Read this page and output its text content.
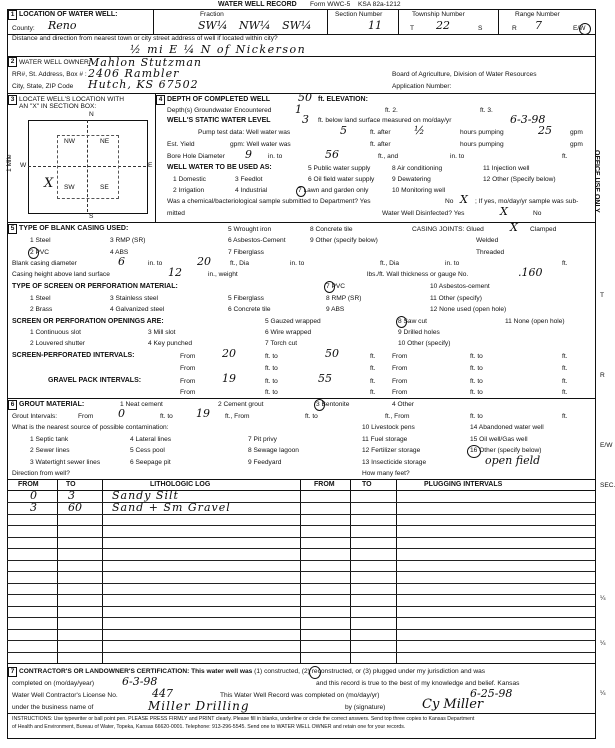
WATER WELL RECORD Form WWC-5 KSA 82a-1212
1 LOCATION OF WATER WELL:	Fraction	Section Number	Township Number	Range Number
County: Reno	SW¼ NW¼ SW¼	11	T 22	S	R 7	E/W
Distance and direction from nearest town or city street address of well if located within city?
½ mi E ¼ N of Nickerson
2 WATER WELL OWNER:
Mahlon Stutzman
RR#, St. Address, Box # : 2406 Rambler
City, State, ZIP Code Hutch, KS 67502
Board of Agriculture, Division of Water Resources
Application Number:
3 LOCATE WELL'S LOCATION WITH
AN "X" IN SECTION BOX:
N
S
W	E
1 Mile
NW	NE
SW	SE
X
4 DEPTH OF COMPLETED WELL	50 ft. ELEVATION:
Depth(s) Groundwater Encountered 1	ft. 2.	ft. 3.
WELL'S STATIC WATER LEVEL	3 ft. below land surface measured on mo/day/yr	6-3-98
Pump test data: Well water was	5	ft. after ½	hours pumping	25	gpm
Est. Yield	gpm: Well water was	ft. after	hours pumping	gpm
Bore Hole Diameter 9 in. to	56	ft., and	in. to	ft.
WELL WATER TO BE USED AS:	5 Public water supply	8 Air conditioning	11 Injection well
1 Domestic	3 Feedlot	6 Oil field water supply	9 Dewatering	12 Other (Specify below)
2 Irrigation	4 Industrial	7 Lawn and garden only	10 Monitoring well
Was a chemical/bacteriological sample submitted to Department? Yes	No X ; If yes, mo/day/yr sample was sub-
mitted	Water Well Disinfected? Yes	X	No
5 TYPE OF BLANK CASING USED:	5 Wrought iron	8 Concrete tile	CASING JOINTS: Glued X Clamped
1 Steel	3 RMP (SR)	6 Asbestos-Cement	9 Other (specify below)	Welded
2 PVC	4 ABS	7 Fiberglass	Threaded
Blank casing diameter	6	in. to	20	ft., Dia	in. to	ft., Dia	in. to	ft.
Casing height above land surface	12	in., weight	lbs./ft. Wall thickness or gauge No.	.160
TYPE OF SCREEN OR PERFORATION MATERIAL:	7 PVC	10 Asbestos-cement
1 Steel	3 Stainless steel	5 Fiberglass	8 RMP (SR)	11 Other (specify)
2 Brass	4 Galvanized steel	6 Concrete tile	9 ABS	12 None used (open hole)
SCREEN OR PERFORATION OPENINGS ARE:	5 Gauzed wrapped	8 Saw cut	11 None (open hole)
1 Continuous slot	3 Mill slot	6 Wire wrapped	9 Drilled holes
2 Louvered shutter	4 Key punched	7 Torch cut	10 Other (specify)
SCREEN-PERFORATED INTERVALS:	From 20	ft. to	50	ft.	From	ft. to	ft.
From	ft. to	ft.	From	ft. to	ft.
GRAVEL PACK INTERVALS:	From 19	ft. to	55	ft.	From	ft. to	ft.
From	ft. to	ft.	From	ft. to	ft.
6 GROUT MATERIAL:	1 Neat cement	2 Cement grout	3 Bentonite	4 Other
Grout Intervals:	From 0	ft. to 19 ft., From	ft. to	ft., From	ft. to	ft.
What is the nearest source of possible contamination:
1 Septic tank	4 Lateral lines	7 Pit privy
10 Livestock pens	14 Abandoned water well
11 Fuel storage	15 Oil well/Gas well
2 Sewer lines	5 Cess pool	8 Sewage lagoon	12 Fertilizer storage	16 Other (specify below)
3 Watertight sewer lines	6 Seepage pit	9 Feedyard	13 Insecticide storage	open field
Direction from well?	How many feet?
FROM	TO	LITHOLOGIC LOG	FROM	TO	PLUGGING INTERVALS
0	3	Sandy Silt
3	60	Sand + Sm Gravel
7 CONTRACTOR'S OR LANDOWNER'S CERTIFICATION: This water well was (1) constructed, (2) reconstructed, or (3) plugged under my jurisdiction and was
completed on (mo/day/year)	6-3-98	and this record is true to the best of my knowledge and belief. Kansas
Water Well Contractor's License No.	447	This Water Well Record was completed on (mo/day/yr)	6-25-98
under the business name of	Miller Drilling	by (signature)	Cy Miller
INSTRUCTIONS: Use typewriter or ball point pen. PLEASE PRESS FIRMLY and PRINT clearly. Please fill in blanks, underline or circle the correct answers. Send top three copies to Kansas Department
of Health and Environment, Bureau of Water, Topeka, Kansas 66620-0001. Telephone: 913-296-5545. Send one to WATER WELL OWNER and retain one for your records.
OFFICE USE ONLY
T
R
E/W
SEC.
¼
¼
¼
